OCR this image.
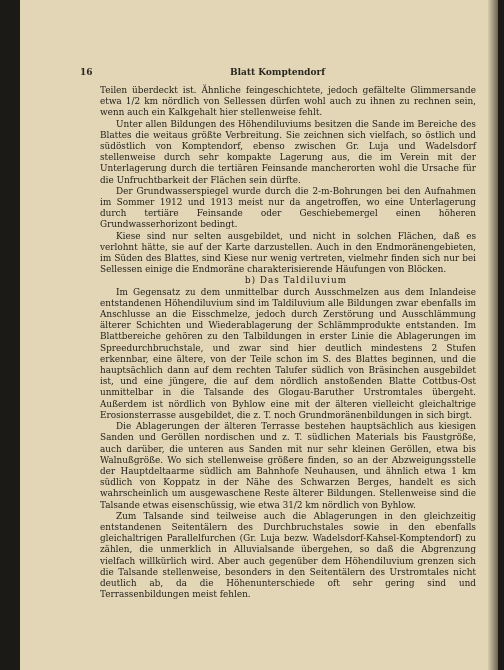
16	Blatt Komptendorf

Teilen überdeckt ist. Ähnliche feingeschichtete, jedoch gefältelte Glimmersande etwa 1/2 km nördlich von Sellessen dürfen wohl auch zu ihnen zu rechnen sein, wenn auch ein Kalkgehalt hier stellenweise fehlt.

Unter allen Bildungen des Höhendiluviums besitzen die Sande im Bereiche des Blattes die weitaus größte Verbreitung. Sie zeichnen sich vielfach, so östlich und südöstlich von Komptendorf, ebenso zwischen Gr. Luja und Wadelsdorf stellenweise durch sehr kompakte Lagerung aus, die im Verein mit der Unterlagerung durch die tertiären Feinsande mancherorten wohl die Ursache für die Unfruchtbarkeit der Flächen sein dürfte.

Der Grundwasserspiegel wurde durch die 2-m-Bohrungen bei den Aufnahmen im Sommer 1912 und 1913 meist nur da angetroffen, wo eine Unterlagerung durch tertiäre Feinsande oder Geschiebemergel einen höheren Grundwasserhorizont bedingt.

Kiese sind nur selten ausgebildet, und nicht in solchen Flächen, daß es verlohnt hätte, sie auf der Karte darzustellen. Auch in den Endmoränengebieten, im Süden des Blattes, sind Kiese nur wenig vertreten, vielmehr finden sich nur bei Sellessen einige die Endmoräne charakterisierende Häufungen von Blöcken.

b) Das Taldiluvium

Im Gegensatz zu dem unmittelbar durch Ausschmelzen aus dem Inlandeise entstandenen Höhendiluvium sind im Taldiluvium alle Bildungen zwar ebenfalls im Anschlusse an die Eisschmelze, jedoch durch Zerstörung und Ausschlämmung älterer Schichten und Wiederablagerung der Schlämmprodukte entstanden. Im Blattbereiche gehören zu den Talbildungen in erster Linie die Ablagerungen im Spreedurchbruchstale, und zwar sind hier deutlich mindestens 2 Stufen erkennbar, eine ältere, von der Teile schon im S. des Blattes beginnen, und die hauptsächlich dann auf dem rechten Talufer südlich von Bräsinchen ausgebildet ist, und eine jüngere, die auf dem nördlich anstoßenden Blatte Cottbus-Ost unmittelbar in die Talsande des Glogau-Baruther Urstromtales übergeht. Außerdem ist nördlich von Byhlow eine mit der älteren vielleicht gleichaltrige Erosionsterrasse ausgebildet, die z. T. noch Grundmoränenbildungen in sich birgt.

Die Ablagerungen der älteren Terrasse bestehen hauptsächlich aus kiesigen Sanden und Geröllen nordischen und z. T. südlichen Materials bis Faustgröße, auch darüber, die unteren aus Sanden mit nur sehr kleinen Geröllen, etwa bis Walnußgröße. Wo sich stellenweise größere finden, so an der Abzweigungsstelle der Hauptdeltaarme südlich am Bahnhofe Neuhausen, und ähnlich etwa 1 km südlich von Koppatz in der Nähe des Schwarzen Berges, handelt es sich wahrscheinlich um ausgewaschene Reste älterer Bildungen. Stellenweise sind die Talsande etwas eisenschüssig, wie etwa 31/2 km nördlich von Byhlow.

Zum Talsande sind teilweise auch die Ablagerungen in den gleichzeitig entstandenen Seitentälern des Durchbruchstales sowie in den ebenfalls gleichaltrigen Parallelfurchen (Gr. Luja bezw. Wadelsdorf-Kahsel-Komptendorf) zu zählen, die unmerklich in Alluvialsande übergehen, so daß die Abgrenzung vielfach willkürlich wird. Aber auch gegenüber dem Höhendiluvium grenzen sich die Talsande stellenweise, besonders in den Seitentälern des Urstromtales nicht deutlich ab, da die Höhenunterschiede oft sehr gering sind und Terrassenbildungen meist fehlen.
